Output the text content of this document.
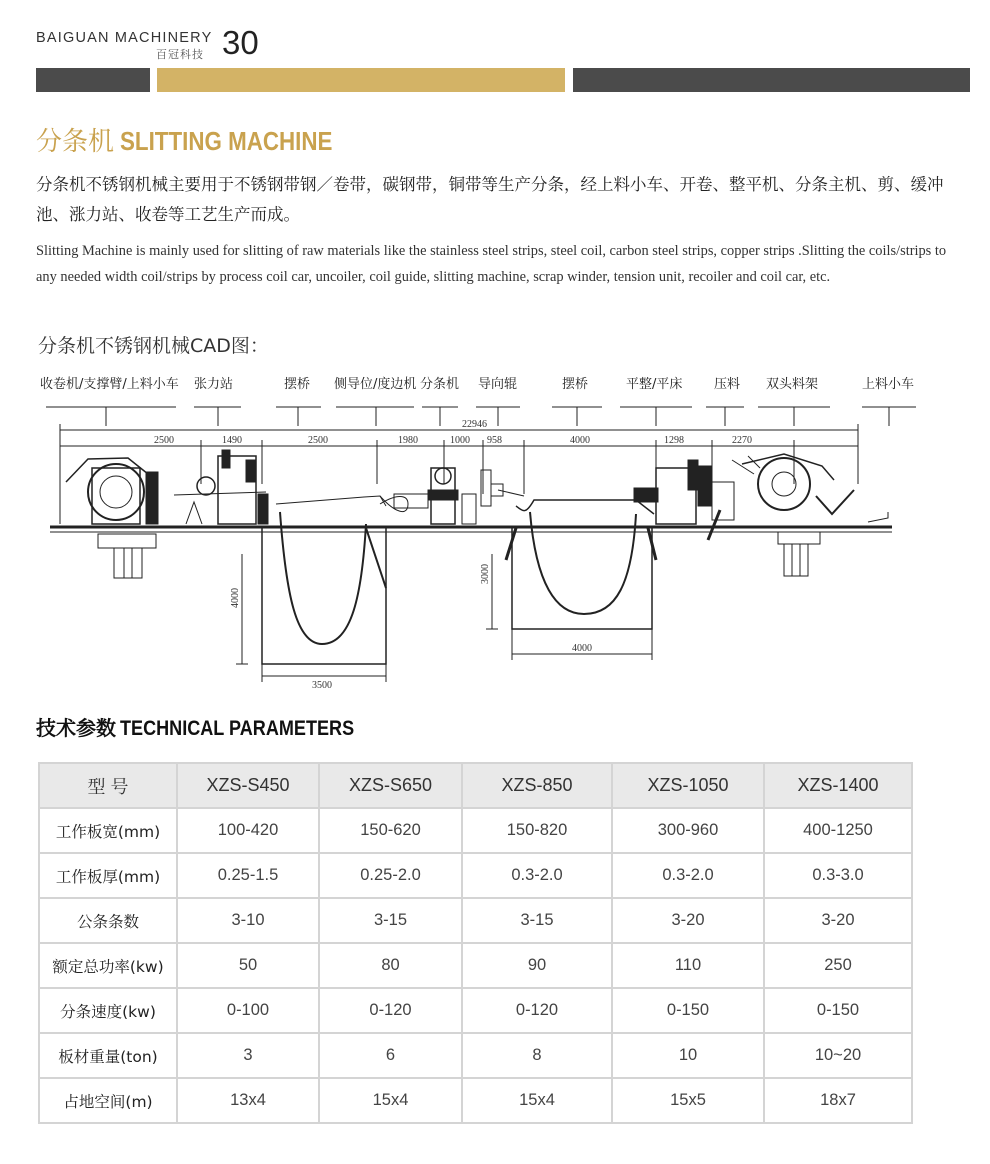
BAIGUAN MACHINERY
百冠科技 30
分条机 SLITTING MACHINE
分条机不锈钢机械主要用于不锈钢带钢／卷带，碳钢带，铜带等生产分条，经上料小车、开卷、整平机、分条主机、剪、缓冲池、涨力站、收卷等工艺生产而成。
Slitting Machine is mainly used for slitting of raw materials like the stainless steel strips, steel coil, carbon steel strips, copper strips .Slitting the coils/strips to any needed width coil/strips by process coil car, uncoiler, coil guide, slitting machine, scrap winder, tension unit, recoiler and coil car, etc.
分条机不锈钢机械CAD图：
收卷机/支撑臂/上料小车 张力站	摆桥 侧导位/度边机 分条机 导向辊	摆桥	平整/平床 压料 双头料架	上料小车
22946
2500	1490	2500	1980	1000 958	4000	1298	2270
4000
3500
3000
4000
技术参数 TECHNICAL PARAMETERS
型 号	XZS-S450	XZS-S650	XZS-850	XZS-1050	XZS-1400
工作板宽(mm)	100-420	150-620	150-820	300-960	400-1250
工作板厚(mm)	0.25-1.5	0.25-2.0	0.3-2.0	0.3-2.0	0.3-3.0
公条条数	3-10	3-15	3-15	3-20	3-20
额定总功率(kw)	50	80	90	110	250
分条速度(kw)	0-100	0-120	0-120	0-150	0-150
板材重量(ton)	3	6	8	10	10~20
占地空间(m)	13x4	15x4	15x4	15x5	18x7
